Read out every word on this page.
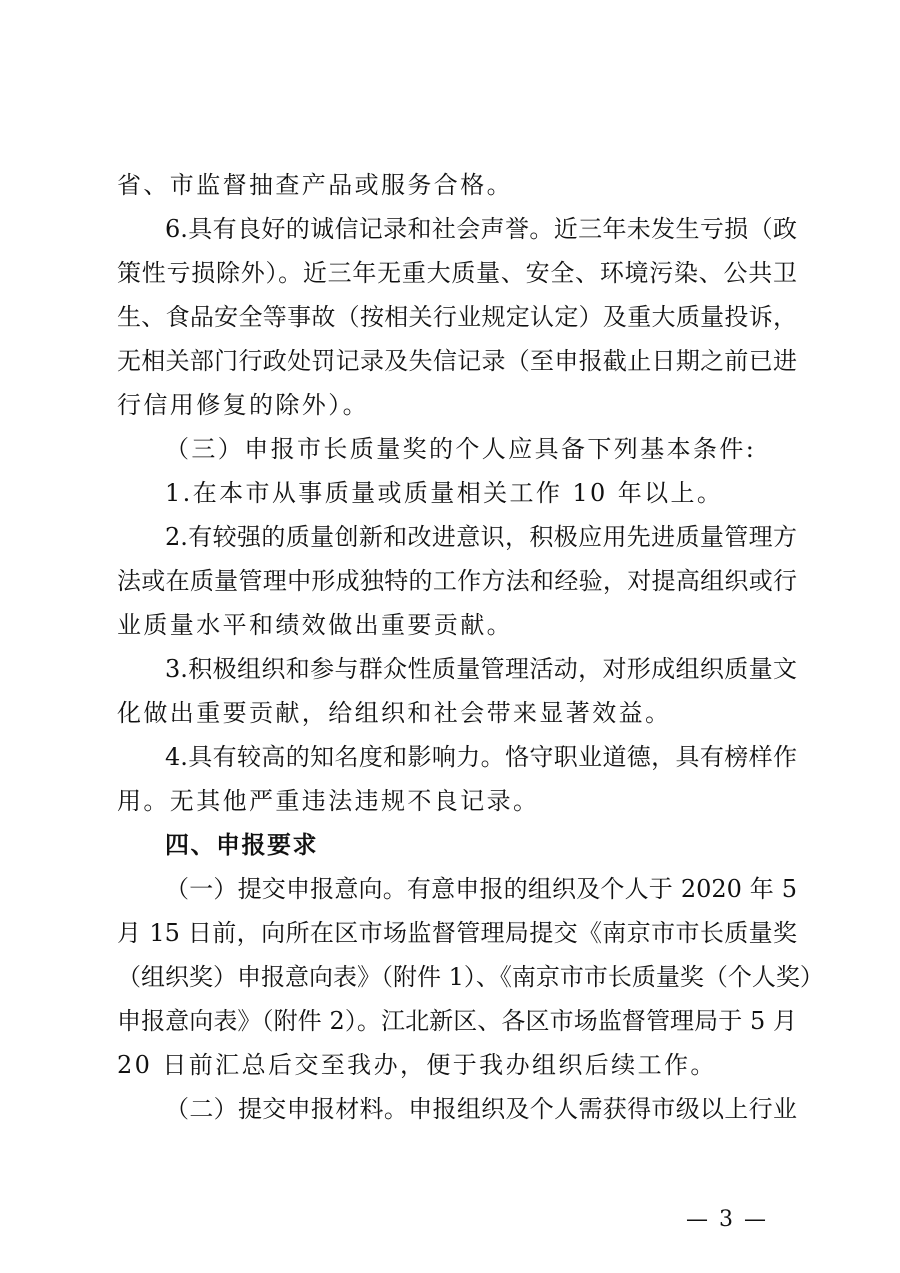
省、市监督抽查产品或服务合格。
6.具有良好的诚信记录和社会声誉。近三年未发生亏损（政
策性亏损除外）。近三年无重大质量、安全、环境污染、公共卫
生、食品安全等事故（按相关行业规定认定）及重大质量投诉，
无相关部门行政处罚记录及失信记录（至申报截止日期之前已进
行信用修复的除外）。
（三）申报市长质量奖的个人应具备下列基本条件:
1.在本市从事质量或质量相关工作 10 年以上。
2.有较强的质量创新和改进意识，积极应用先进质量管理方
法或在质量管理中形成独特的工作方法和经验，对提高组织或行
业质量水平和绩效做出重要贡献。
3.积极组织和参与群众性质量管理活动，对形成组织质量文
化做出重要贡献，给组织和社会带来显著效益。
4.具有较高的知名度和影响力。恪守职业道德，具有榜样作
用。无其他严重违法违规不良记录。
四、申报要求
（一）提交申报意向。有意申报的组织及个人于 2020 年 5
月 15 日前，向所在区市场监督管理局提交《南京市市长质量奖
（组织奖）申报意向表》（附件 1）、《南京市市长质量奖（个人奖）
申报意向表》（附件 2）。江北新区、各区市场监督管理局于 5 月
20 日前汇总后交至我办，便于我办组织后续工作。
（二）提交申报材料。申报组织及个人需获得市级以上行业
— 3 —
